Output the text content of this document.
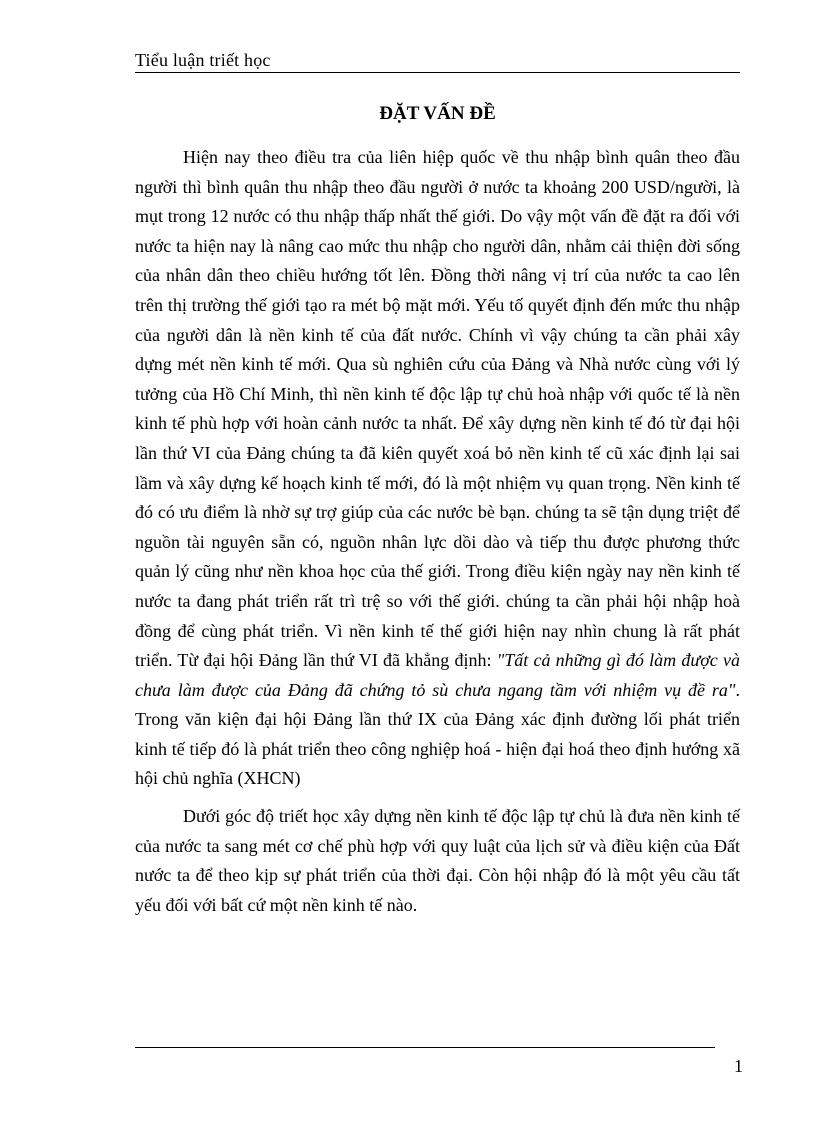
Tiểu luận triết học
ĐẶT VẤN ĐỀ

Hiện nay theo điều tra của liên hiệp quốc về thu nhập bình quân theo đầu người thì bình quân thu nhập theo đầu người ở nước ta khoảng 200 USD/người, là mụt trong 12 nước có thu nhập thấp nhất thế giới. Do vậy một vấn đề đặt ra đối với nước ta hiện nay là nâng cao mức thu nhập cho người dân, nhằm cải thiện đời sống của nhân dân theo chiều hướng tốt lên. Đồng thời nâng vị trí của nước ta cao lên trên thị trường thế giới tạo ra mét bộ mặt mới. Yếu tố quyết định đến mức thu nhập của người dân là nền kinh tế của đất nước. Chính vì vậy chúng ta cần phải xây dựng mét nền kinh tế mới. Qua sù nghiên cứu của Đảng và Nhà nước cùng với lý tưởng của Hồ Chí Minh, thì nền kinh tế độc lập tự chủ hoà nhập với quốc tế là nền kinh tế phù hợp với hoàn cảnh nước ta nhất. Để xây dựng nền kinh tế đó từ đại hội lần thứ VI của Đảng chúng ta đã kiên quyết xoá bỏ nền kinh tế cũ xác định lại sai lầm và xây dựng kế hoạch kinh tế mới, đó là một nhiệm vụ quan trọng. Nền kinh tế đó có ưu điểm là nhờ sự trợ giúp của các nước bè bạn. chúng ta sẽ tận dụng triệt để nguồn tài nguyên sẵn có, nguồn nhân lực dồi dào và tiếp thu được phương thức quản lý cũng như nền khoa học của thế giới. Trong điều kiện ngày nay nền kinh tế nước ta đang phát triển rất trì trệ so với thế giới. chúng ta cần phải hội nhập hoà đồng để cùng phát triển. Vì nền kinh tế thế giới hiện nay nhìn chung là rất phát triển. Từ đại hội Đảng lần thứ VI đã khẳng định: "Tất cả những gì đó làm được và chưa làm được của Đảng đã chứng tỏ sù chưa ngang tầm với nhiệm vụ đề ra". Trong văn kiện đại hội Đảng lần thứ IX của Đảng xác định đường lối phát triển kinh tế tiếp đó là phát triển theo công nghiệp hoá - hiện đại hoá theo định hướng xã hội chủ nghĩa (XHCN)

Dưới góc độ triết học xây dựng nền kinh tế độc lập tự chủ là đưa nền kinh tế của nước ta sang mét cơ chế phù hợp với quy luật của lịch sử và điều kiện của Đất nước ta để theo kịp sự phát triển của thời đại. Còn hội nhập đó là một yêu cầu tất yếu đối với bất cứ một nền kinh tế nào.

1
